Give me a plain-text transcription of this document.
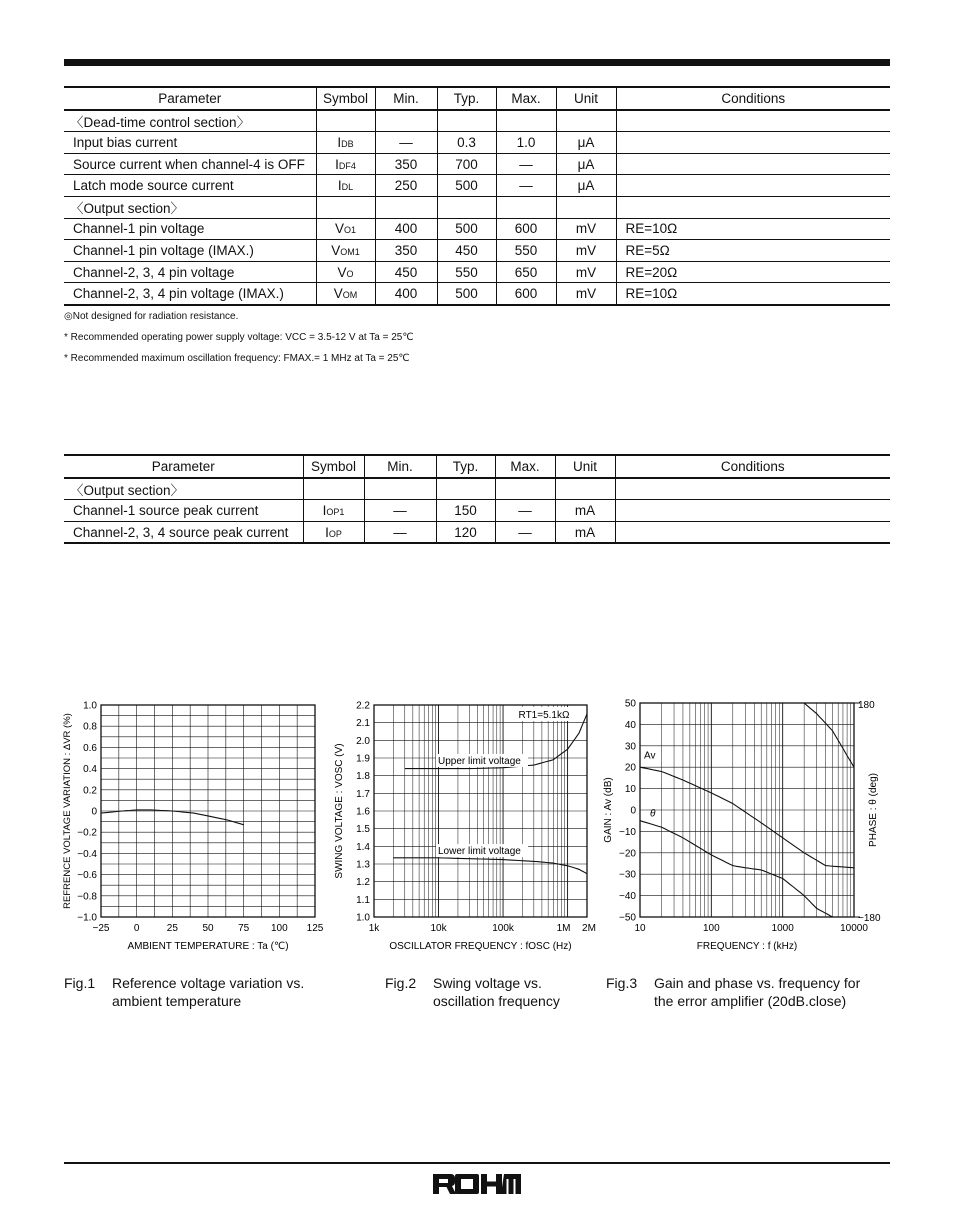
Parameter	Symbol	Min.	Typ.	Max.	Unit	Conditions
〈Dead-time control section〉						
Input bias current	IDB	—	0.3	1.0	μA	
Source current when channel-4 is OFF	IDF4	350	700	—	μA	
Latch mode source current	IDL	250	500	—	μA	
〈Output section〉						
Channel-1 pin voltage	VO1	400	500	600	mV	RE=10Ω
Channel-1 pin voltage (IMAX.)	VOM1	350	450	550	mV	RE=5Ω
Channel-2, 3, 4 pin voltage	VO	450	550	650	mV	RE=20Ω
Channel-2, 3, 4 pin voltage (IMAX.)	VOM	400	500	600	mV	RE=10Ω
◎Not designed for radiation resistance.
* Recommended operating power supply voltage: VCC = 3.5-12 V at Ta = 25℃
* Recommended maximum oscillation frequency: FMAX.= 1 MHz at Ta = 25℃
Parameter	Symbol	Min.	Typ.	Max.	Unit	Conditions
〈Output section〉						
Channel-1 source peak current	IOP1	—	150	—	mA	
Channel-2, 3, 4 source peak current	IOP	—	120	—	mA	
1.0
0.8
0.6
0.4
0.2
0
−0.2
−0.4
−0.6
−0.8
−1.0
−25 0	25 50 75 100 125
AMBIENT TEMPERATURE : Ta (℃)
REFRENCE VOLTAGE VARIATION : ΔVR (%)
2.2
2.1
2.0
1.9
1.8
1.7
1.6
1.5
1.4
1.3
1.2
1.1
1.0
1k	10k	100k	1M 2M
OSCILLATOR FREQUENCY : fOSC (Hz)
SWING VOLTAGE : VOSC (V)
RT1=5.1kΩ
Upper limit voltage
Lower limit voltage
50
40
30
20
10
0
−10
−20
−30
−40
−50
10	100	1000	10000
180
−180
FREQUENCY : f (kHz)
GAIN : Av (dB)	PHASE : θ (deg)
Av
θ
Fig.1 Reference voltage variation vs.
ambient temperature
Fig.2 Swing voltage vs.
oscillation frequency
Fig.3 Gain and phase vs. frequency for
the error amplifier (20dB.close)
